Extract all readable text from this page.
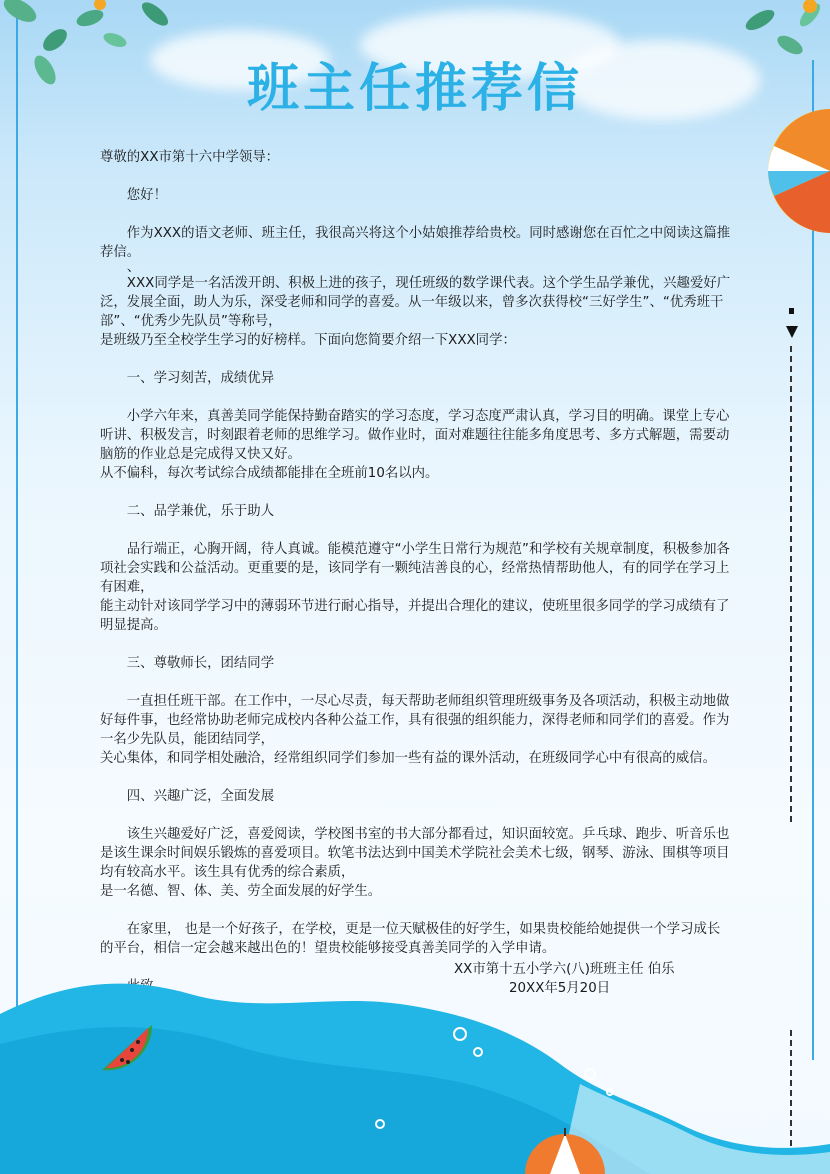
班主任推荐信

尊敬的XX市第十六中学领导：

您好！

作为XXX的语文老师、班主任，我很高兴将这个小姑娘推荐给贵校。同时感谢您在百忙之中阅读这篇推荐信。

、

XXX同学是一名活泼开朗、积极上进的孩子，现任班级的数学课代表。这个学生品学兼优，兴趣爱好广泛，发展全面，助人为乐，深受老师和同学的喜爱。从一年级以来，曾多次获得校“三好学生”、“优秀班干部”、“优秀少先队员”等称号，

是班级乃至全校学生学习的好榜样。下面向您简要介绍一下XXX同学：

一、学习刻苦，成绩优异

小学六年来，真善美同学能保持勤奋踏实的学习态度，学习态度严肃认真，学习目的明确。课堂上专心听讲、积极发言，时刻跟着老师的思维学习。做作业时，面对难题往往能多角度思考、多方式解题，需要动脑筋的作业总是完成得又快又好。

从不偏科，每次考试综合成绩都能排在全班前10名以内。

二、品学兼优，乐于助人

品行端正，心胸开阔，待人真诚。能模范遵守“小学生日常行为规范”和学校有关规章制度，积极参加各项社会实践和公益活动。更重要的是，该同学有一颗纯洁善良的心，经常热情帮助他人，有的同学在学习上有困难，

能主动针对该同学学习中的薄弱环节进行耐心指导，并提出合理化的建议，使班里很多同学的学习成绩有了明显提高。

三、尊敬师长，团结同学

一直担任班干部。在工作中，一尽心尽责，每天帮助老师组织管理班级事务及各项活动，积极主动地做好每件事，也经常协助老师完成校内各种公益工作，具有很强的组织能力，深得老师和同学们的喜爱。作为一名少先队员，能团结同学，

关心集体，和同学相处融洽，经常组织同学们参加一些有益的课外活动，在班级同学心中有很高的威信。

四、兴趣广泛，全面发展

该生兴趣爱好广泛，喜爱阅读，学校图书室的书大部分都看过，知识面较宽。乒乓球、跑步、听音乐也是该生课余时间娱乐锻炼的喜爱项目。软笔书法达到中国美术学院社会美术七级，钢琴、游泳、围棋等项目均有较高水平。该生具有优秀的综合素质，

是一名德、智、体、美、劳全面发展的好学生。

在家里， 也是一个好孩子，在学校，更是一位天赋极佳的好学生，如果贵校能给她提供一个学习成长的平台，相信一定会越来越出色的！望贵校能够接受真善美同学的入学申请。

XX市第十五小学六(八)班班主任 伯乐
20XX年5月20日
